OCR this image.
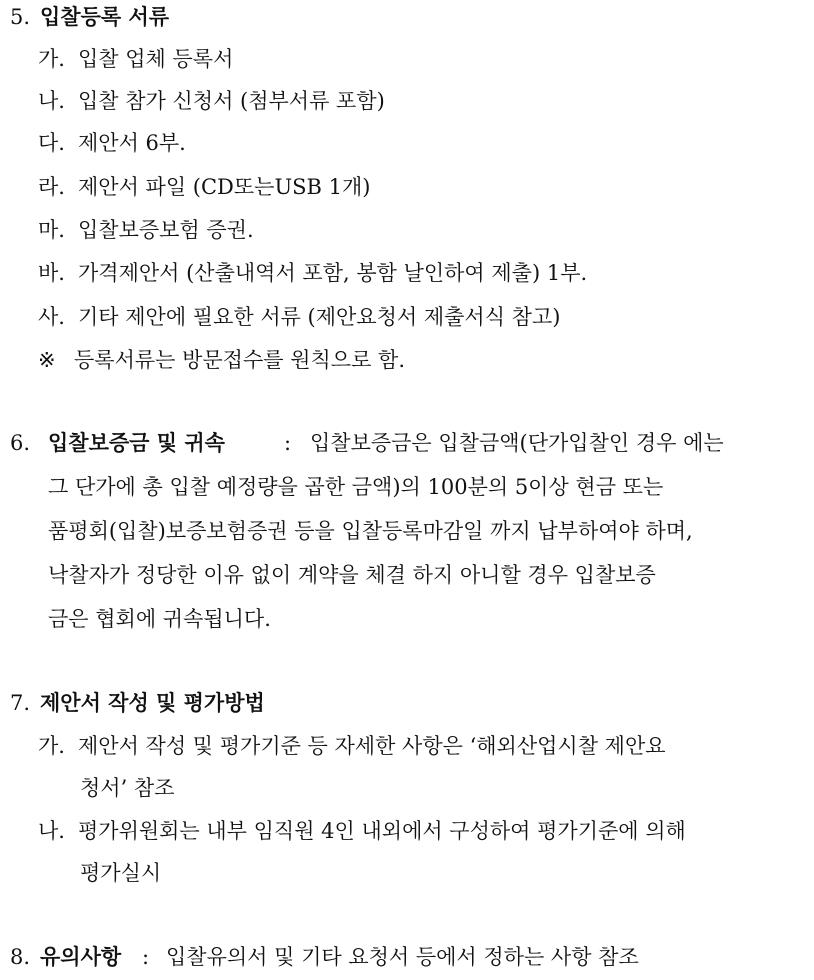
5. 입찰등록 서류
가. 입찰 업체 등록서
나. 입찰 참가 신청서 (첨부서류 포함)
다. 제안서 6부.
라. 제안서 파일 (CD또는USB 1개)
마. 입찰보증보험 증권.
바. 가격제안서 (산출내역서 포함, 봉함 날인하여 제출) 1부.
사. 기타 제안에 필요한 서류 (제안요청서 제출서식 참고)
※ 등록서류는 방문접수를 원칙으로 함.
6. 입찰보증금 및 귀속	: 입찰보증금은 입찰금액(단가입찰인 경우 에는
그 단가에 총 입찰 예정량을 곱한 금액)의 100분의 5이상 현금 또는
품평회(입찰)보증보험증권 등을 입찰등록마감일 까지 납부하여야 하며,
낙찰자가 정당한 이유 없이 계약을 체결 하지 아니할 경우 입찰보증
금은 협회에 귀속됩니다.
7. 제안서 작성 및 평가방법
가. 제안서 작성 및 평가기준 등 자세한 사항은 ‘해외산업시찰 제안요
청서’ 참조
나. 평가위원회는 내부 임직원 4인 내외에서 구성하여 평가기준에 의해
평가실시
8. 유의사항 : 입찰유의서 및 기타 요청서 등에서 정하는 사항 참조
